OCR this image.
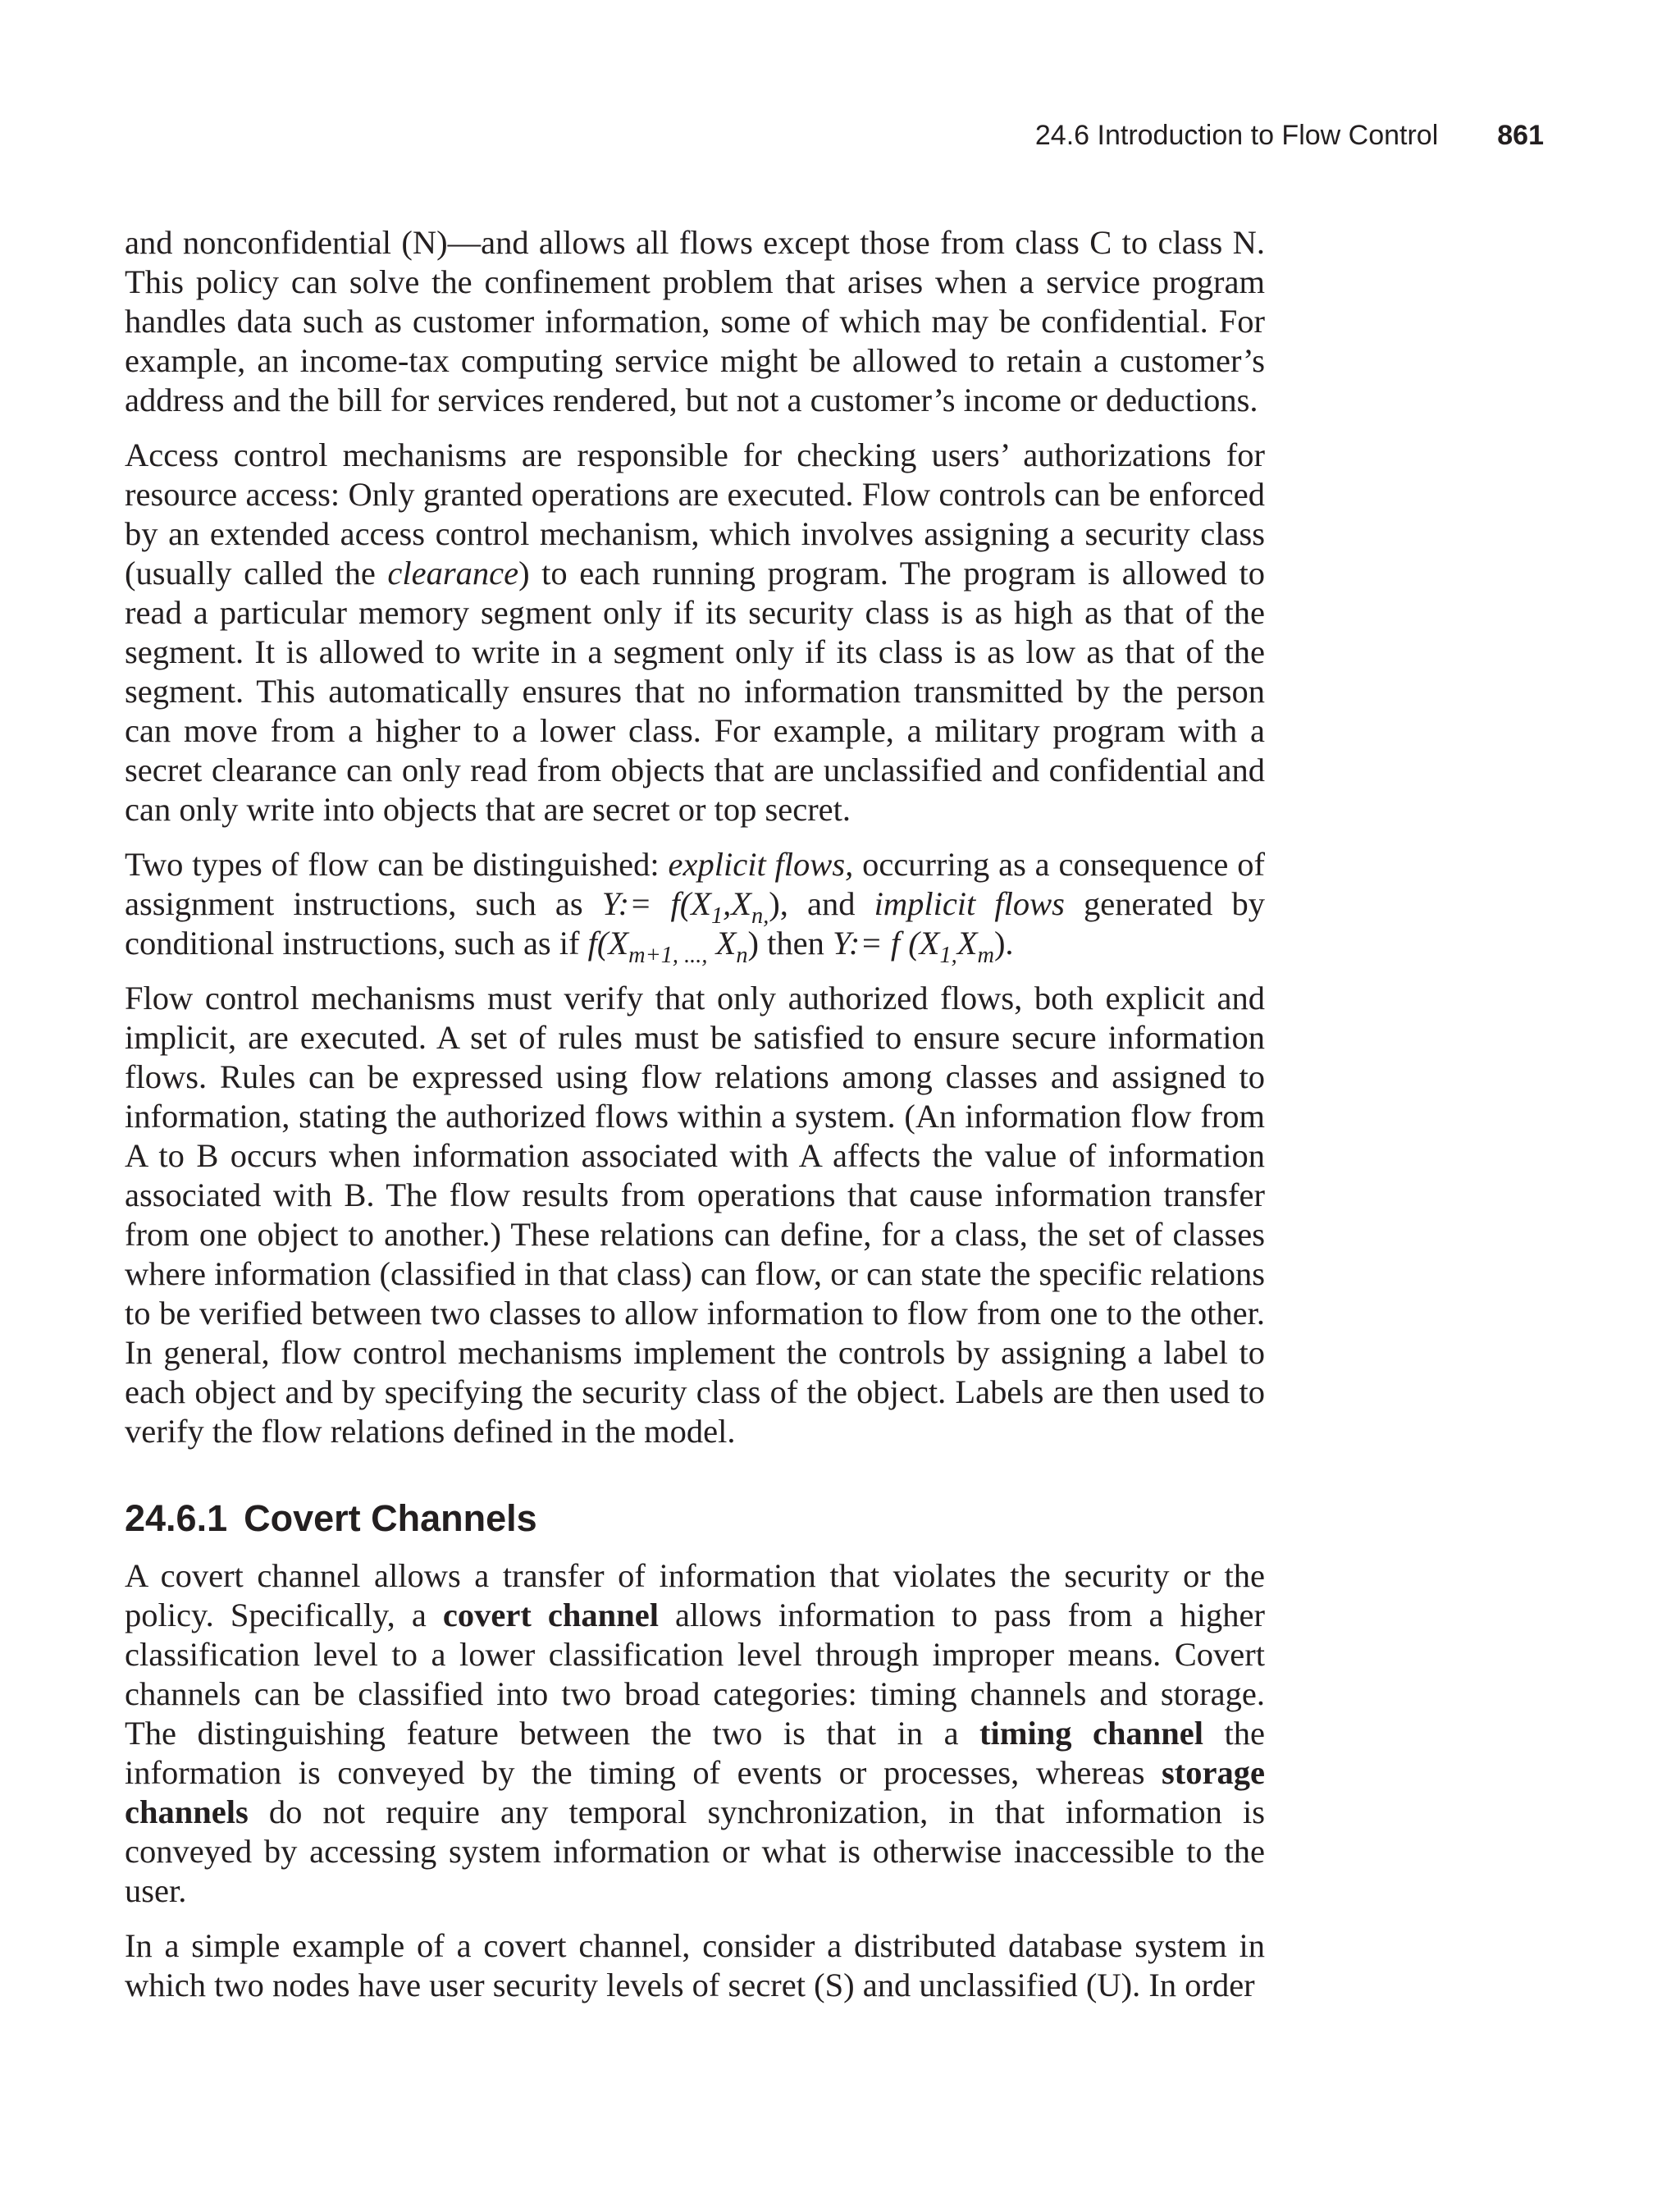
24.6 Introduction to Flow Control 861

and nonconfidential (N)—and allows all flows except those from class C to class N. This policy can solve the confinement problem that arises when a service program handles data such as customer information, some of which may be confidential. For example, an income-tax computing service might be allowed to retain a customer’s address and the bill for services rendered, but not a customer’s income or deductions.

Access control mechanisms are responsible for checking users’ authorizations for resource access: Only granted operations are executed. Flow controls can be enforced by an extended access control mechanism, which involves assigning a security class (usually called the clearance) to each running program. The program is allowed to read a particular memory segment only if its security class is as high as that of the segment. It is allowed to write in a segment only if its class is as low as that of the segment. This automatically ensures that no information transmitted by the person can move from a higher to a lower class. For example, a military program with a secret clearance can only read from objects that are unclassified and confidential and can only write into objects that are secret or top secret.

Two types of flow can be distinguished: explicit flows, occurring as a consequence of assignment instructions, such as Y:= $f(X_1,X_{n,})$, and implicit flows generated by conditional instructions, such as if $f(X_{m+1, ...,}$ $X_n$) then Y:= f $(X_{1,}X_m)$.

Flow control mechanisms must verify that only authorized flows, both explicit and implicit, are executed. A set of rules must be satisfied to ensure secure information flows. Rules can be expressed using flow relations among classes and assigned to information, stating the authorized flows within a system. (An information flow from A to B occurs when information associated with A affects the value of information associated with B. The flow results from operations that cause information transfer from one object to another.) These relations can define, for a class, the set of classes where information (classified in that class) can flow, or can state the specific relations to be verified between two classes to allow information to flow from one to the other. In general, flow control mechanisms implement the controls by assigning a label to each object and by specifying the security class of the object. Labels are then used to verify the flow relations defined in the model.

24.6.1 Covert Channels

A covert channel allows a transfer of information that violates the security or the policy. Specifically, a covert channel allows information to pass from a higher classification level to a lower classification level through improper means. Covert channels can be classified into two broad categories: timing channels and storage. The distinguishing feature between the two is that in a timing channel the information is conveyed by the timing of events or processes, whereas storage channels do not require any temporal synchronization, in that information is conveyed by accessing system information or what is otherwise inaccessible to the user.

In a simple example of a covert channel, consider a distributed database system in which two nodes have user security levels of secret (S) and unclassified (U). In order
